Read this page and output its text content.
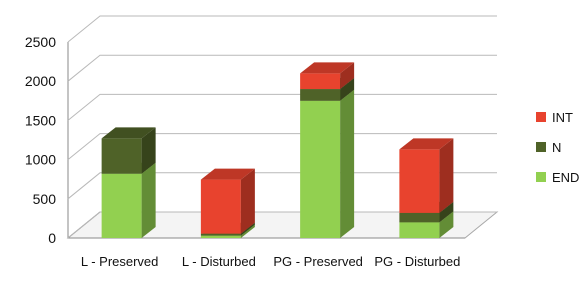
0
500
1000
1500
2000
2500
L - Preserved L - Disturbed PG - Preserved PG - Disturbed
INT
N
END
